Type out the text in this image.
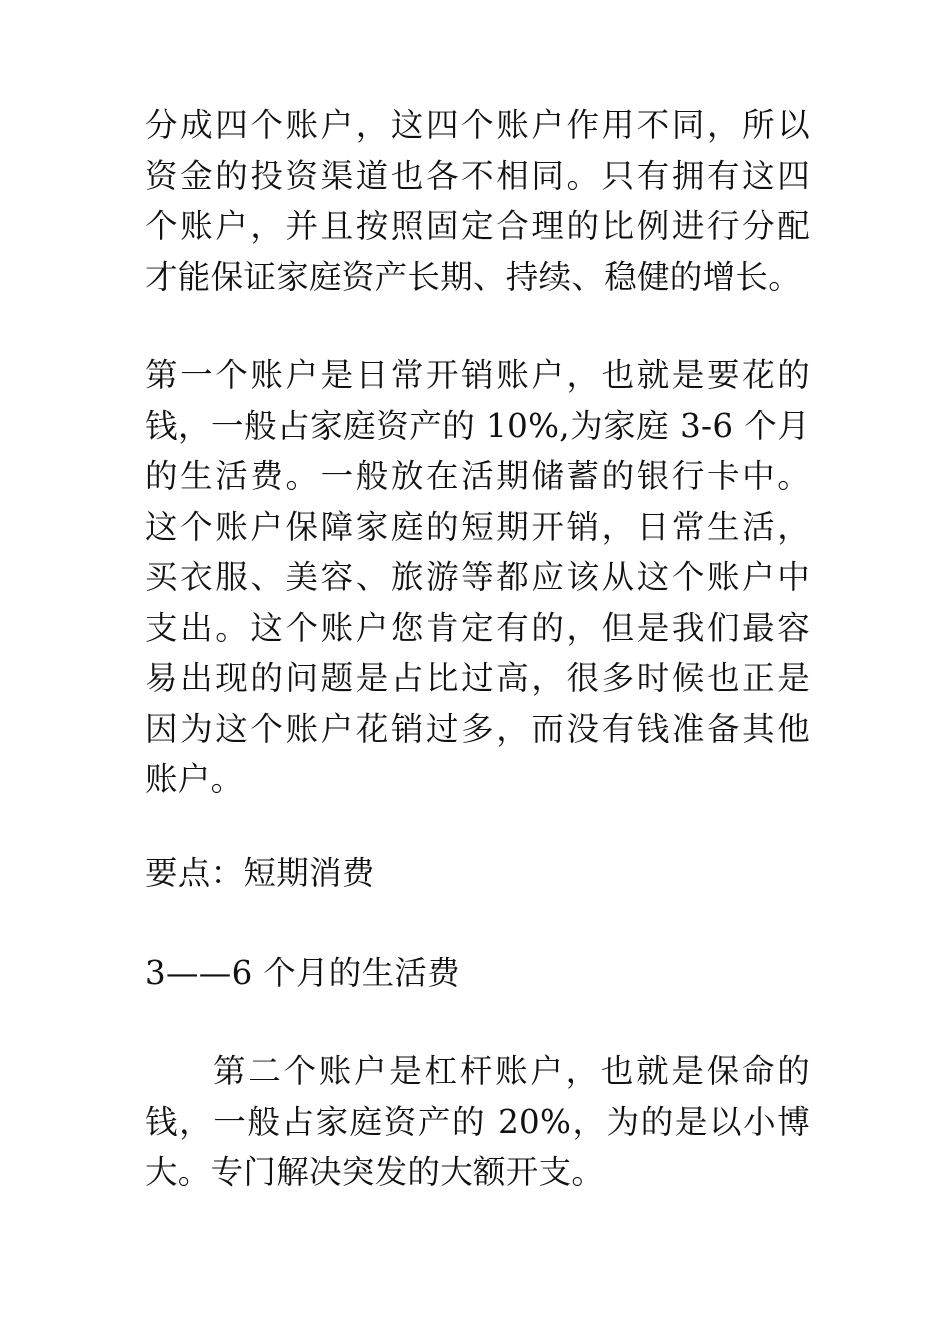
分成四个账户，这四个账户作用不同，所以
资金的投资渠道也各不相同。只有拥有这四
个账户，并且按照固定合理的比例进行分配
才能保证家庭资产长期、持续、稳健的增长。
第一个账户是日常开销账户，也就是要花的
钱，一般占家庭资产的 10%,为家庭 3-6 个月
的生活费。一般放在活期储蓄的银行卡中。
这个账户保障家庭的短期开销，日常生活，
买衣服、美容、旅游等都应该从这个账户中
支出。这个账户您肯定有的，但是我们最容
易出现的问题是占比过高，很多时候也正是
因为这个账户花销过多，而没有钱准备其他
账户。
要点：短期消费
3——6 个月的生活费
第二个账户是杠杆账户，也就是保命的
钱，一般占家庭资产的 20%，为的是以小博
大。专门解决突发的大额开支。
